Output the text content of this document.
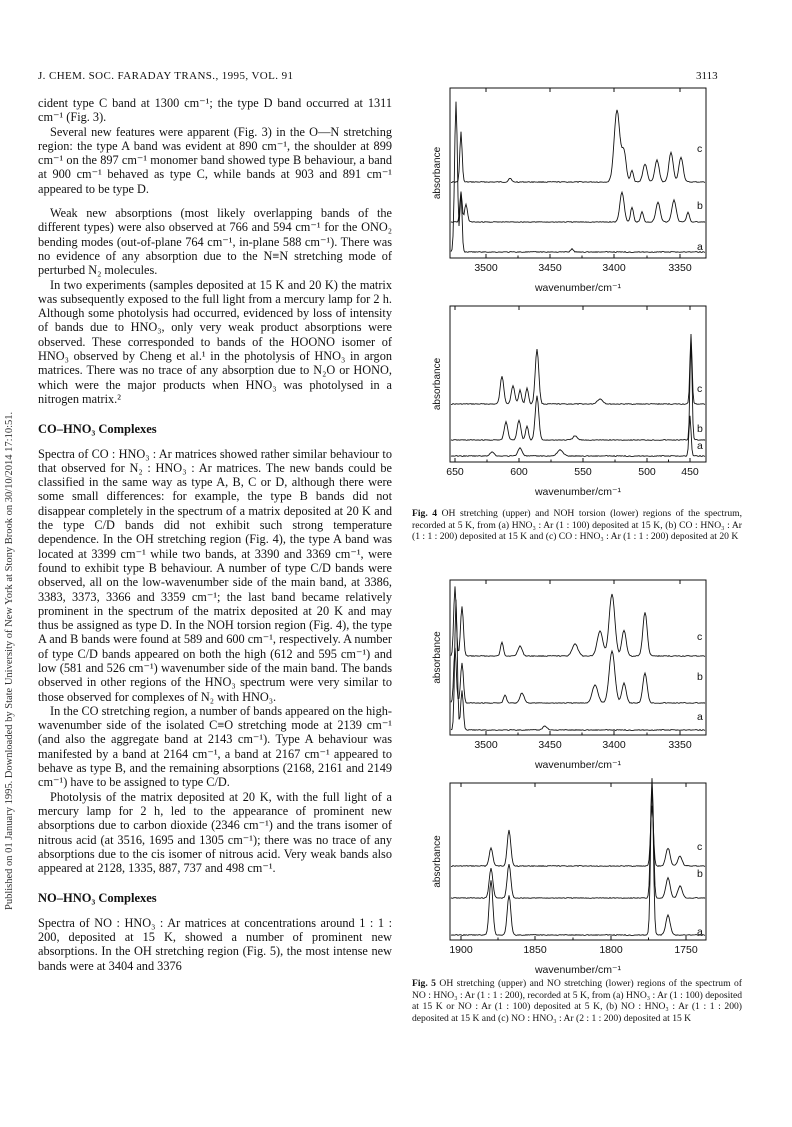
Published on 01 January 1995. Downloaded by State University of New York at Stony Brook on 30/10/2014 17:10:51.
J. CHEM. SOC. FARADAY TRANS., 1995, VOL. 91	3113

cident type C band at 1300 cm⁻¹; the type D band occurred at 1311 cm⁻¹ (Fig. 3).

Several new features were apparent (Fig. 3) in the O—N stretching region: the type A band was evident at 890 cm⁻¹, the shoulder at 899 cm⁻¹ on the 897 cm⁻¹ monomer band showed type B behaviour, a band at 900 cm⁻¹ behaved as type C, while bands at 903 and 891 cm⁻¹ appeared to be type D.

Weak new absorptions (most likely overlapping bands of the different types) were also observed at 766 and 594 cm⁻¹ for the ONO₂ bending modes (out-of-plane 764 cm⁻¹, in-plane 588 cm⁻¹). There was no evidence of any absorption due to the N≡N stretching mode of perturbed N₂ molecules.

In two experiments (samples deposited at 15 K and 20 K) the matrix was subsequently exposed to the full light from a mercury lamp for 2 h. Although some photolysis had occurred, evidenced by loss of intensity of bands due to HNO₃, only very weak product absorptions were observed. These corresponded to bands of the HOONO isomer of HNO₃ observed by Cheng et al.¹ in the photolysis of HNO₃ in argon matrices. There was no trace of any absorption due to N₂O or HONO, which were the major products when HNO₃ was photolysed in a nitrogen matrix.²

CO–HNO₃ Complexes

Spectra of CO : HNO₃ : Ar matrices showed rather similar behaviour to that observed for N₂ : HNO₃ : Ar matrices. The new bands could be classified in the same way as type A, B, C or D, although there were some small differences: for example, the type B bands did not disappear completely in the spectrum of a matrix deposited at 20 K and the type C/D bands did not exhibit such strong temperature dependence. In the OH stretching region (Fig. 4), the type A band was located at 3399 cm⁻¹ while two bands, at 3390 and 3369 cm⁻¹, were found to exhibit type B behaviour. A number of type C/D bands were observed, all on the low-wavenumber side of the main band, at 3386, 3383, 3373, 3366 and 3359 cm⁻¹; the last band became relatively prominent in the spectrum of the matrix deposited at 20 K and may thus be assigned as type D. In the NOH torsion region (Fig. 4), the type A and B bands were found at 589 and 600 cm⁻¹, respectively. A number of type C/D bands appeared on both the high (612 and 595 cm⁻¹) and low (581 and 526 cm⁻¹) wavenumber side of the main band. The bands observed in other regions of the HNO₃ spectrum were very similar to those observed for complexes of N₂ with HNO₃.

In the CO stretching region, a number of bands appeared on the high-wavenumber side of the isolated C≡O stretching mode at 2139 cm⁻¹ (and also the aggregate band at 2143 cm⁻¹). Type A behaviour was manifested by a band at 2164 cm⁻¹, a band at 2167 cm⁻¹ appeared to behave as type B, and the remaining absorptions (2168, 2161 and 2149 cm⁻¹) have to be assigned to type C/D.

Photolysis of the matrix deposited at 20 K, with the full light of a mercury lamp for 2 h, led to the appearance of prominent new absorptions due to carbon dioxide (2346 cm⁻¹) and the trans isomer of nitrous acid (at 3516, 1695 and 1305 cm⁻¹); there was no trace of any absorptions due to the cis isomer of nitrous acid. Very weak bands also appeared at 2128, 1335, 887, 737 and 498 cm⁻¹.

NO–HNO₃ Complexes

Spectra of NO : HNO₃ : Ar matrices at concentrations around 1 : 1 : 200, deposited at 15 K, showed a number of prominent new absorptions. In the OH stretching region (Fig. 5), the most intense new bands were at 3404 and 3376

3500	3450	3400	3350
absorbance
wavenumber/cm⁻¹
c
b
a
650	600	550	500 450
absorbance
wavenumber/cm⁻¹
c
b
a
3500	3450	3400	3350
absorbance
wavenumber/cm⁻¹
c
b
a
1900	1850	1800	1750
absorbance
wavenumber/cm⁻¹
c
b
a
Fig. 4 OH stretching (upper) and NOH torsion (lower) regions of the spectrum, recorded at 5 K, from (a) HNO₃ : Ar (1 : 100) deposited at 15 K, (b) CO : HNO₃ : Ar (1 : 1 : 200) deposited at 15 K and (c) CO : HNO₃ : Ar (1 : 1 : 200) deposited at 20 K
Fig. 5 OH stretching (upper) and NO stretching (lower) regions of the spectrum of NO : HNO₃ : Ar (1 : 1 : 200), recorded at 5 K, from (a) HNO₃ : Ar (1 : 100) deposited at 15 K or NO : Ar (1 : 100) deposited at 5 K, (b) NO : HNO₃ : Ar (1 : 1 : 200) deposited at 15 K and (c) NO : HNO₃ : Ar (2 : 1 : 200) deposited at 15 K
